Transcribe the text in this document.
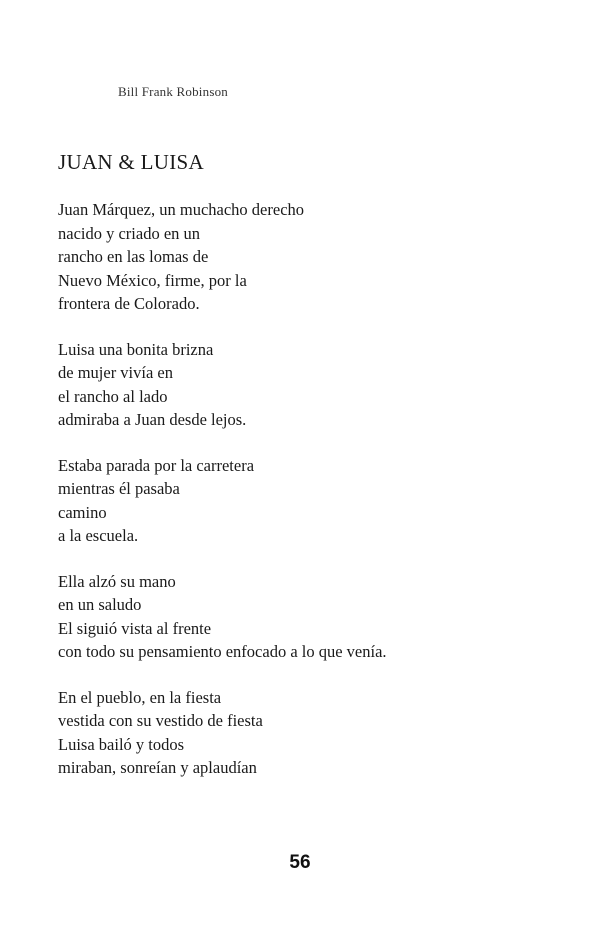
Bill Frank Robinson
JUAN & LUISA

Juan Márquez, un muchacho derecho
nacido y criado en un
rancho en las lomas de
Nuevo México, firme, por la
frontera de Colorado.

Luisa una bonita brizna
de mujer vivía en
el rancho al lado
admiraba a Juan desde lejos.

Estaba parada por la carretera
mientras él pasaba
camino
a la escuela.

Ella alzó su mano
en un saludo
El siguió vista al frente
con todo su pensamiento enfocado a lo que venía.

En el pueblo, en la fiesta
vestida con su vestido de fiesta
Luisa bailó y todos
miraban, sonreían y aplaudían

56
